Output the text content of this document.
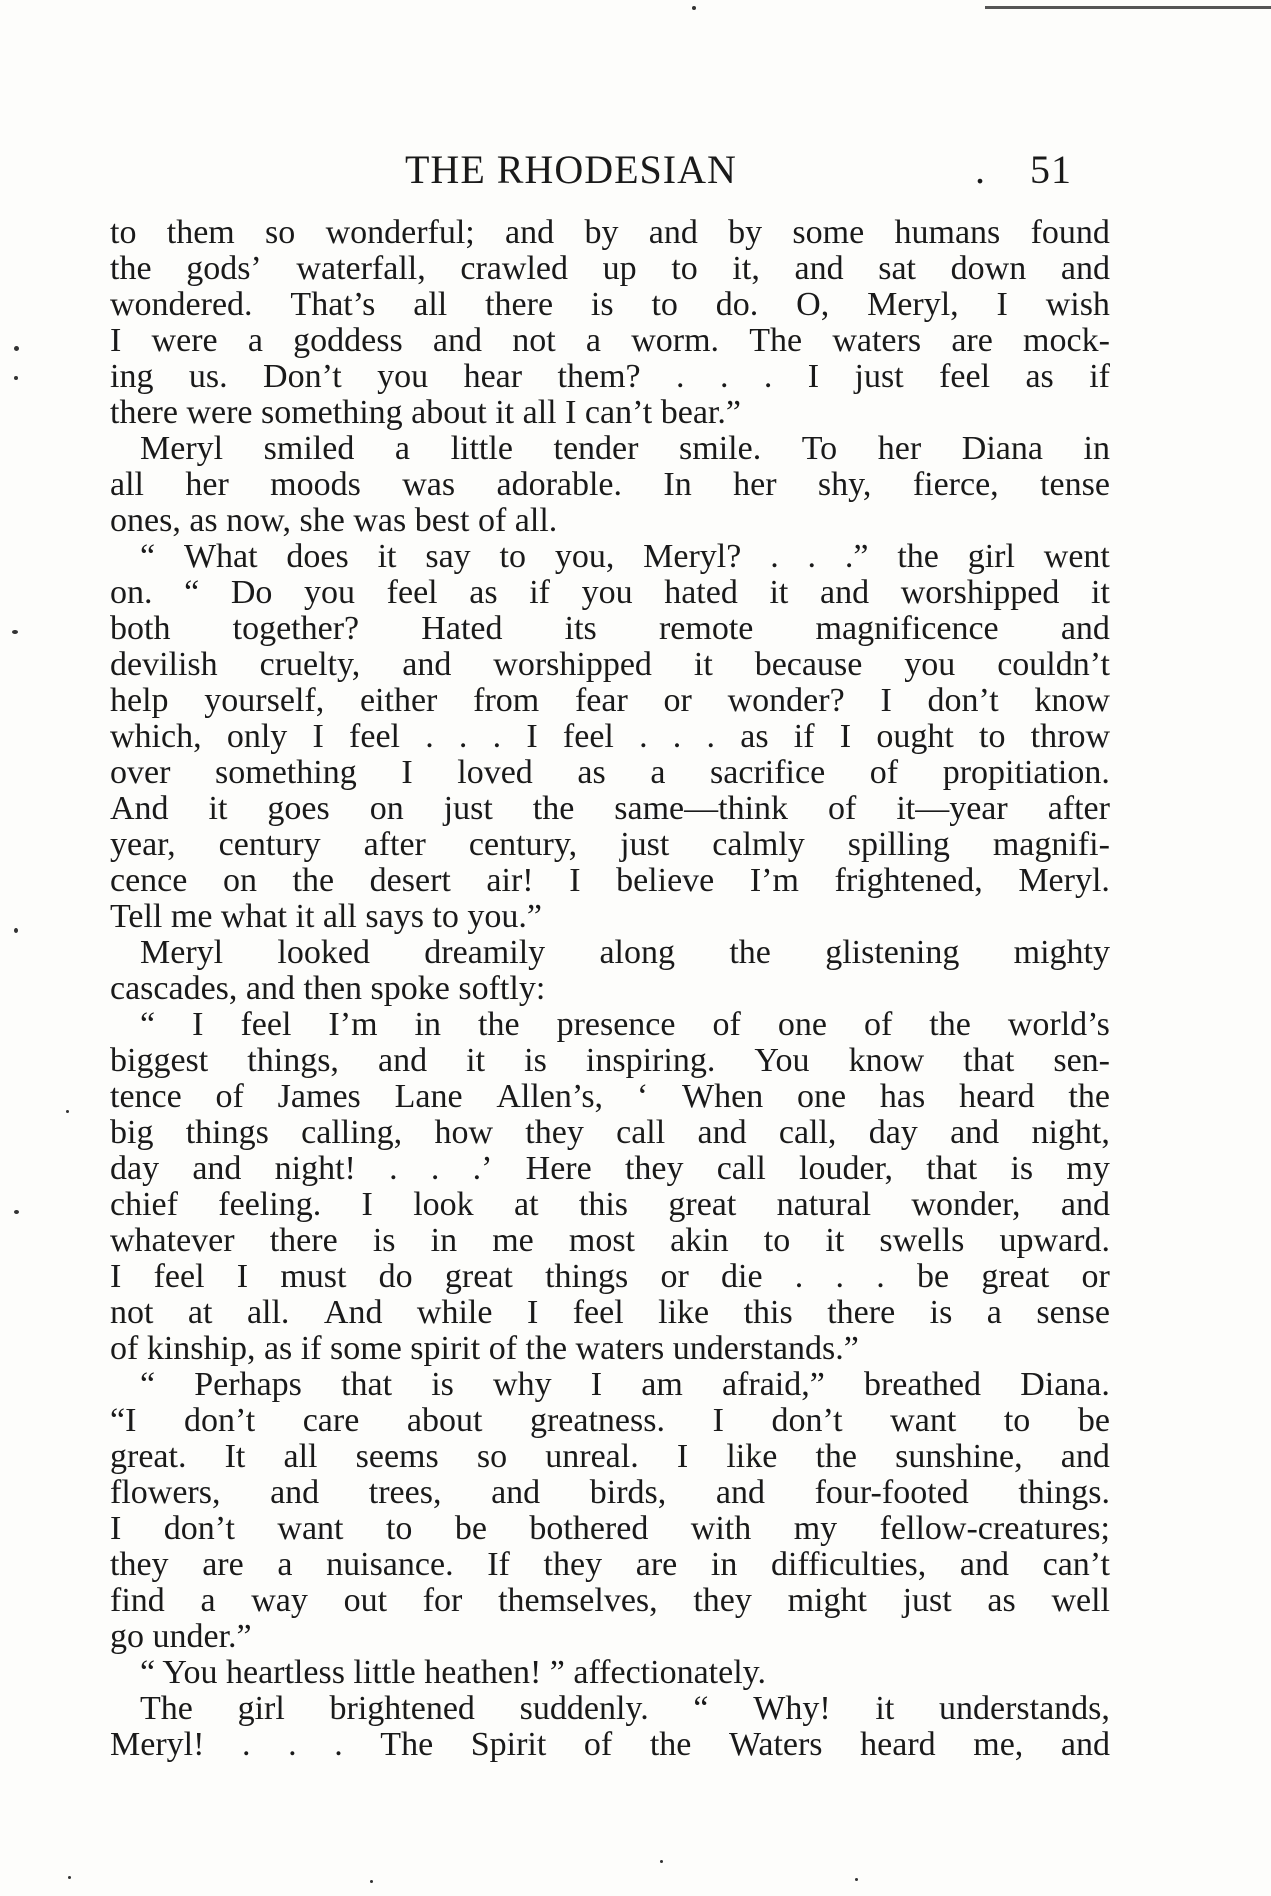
THE RHODESIAN	. 51
to them so wonderful; and by and by some humans found
the gods’ waterfall, crawled up to it, and sat down and
wondered. That’s all there is to do. O, Meryl, I wish
I were a goddess and not a worm. The waters are mock-
ing us. Don’t you hear them? . . . I just feel as if
there were something about it all I can’t bear.”
Meryl smiled a little tender smile. To her Diana in
all her moods was adorable. In her shy, fierce, tense
ones, as now, she was best of all.
“ What does it say to you, Meryl? . . .” the girl went
on. “ Do you feel as if you hated it and worshipped it
both together? Hated its remote magnificence and
devilish cruelty, and worshipped it because you couldn’t
help yourself, either from fear or wonder? I don’t know
which, only I feel . . . I feel . . . as if I ought to throw
over something I loved as a sacrifice of propitiation.
And it goes on just the same—think of it—year after
year, century after century, just calmly spilling magnifi-
cence on the desert air! I believe I’m frightened, Meryl.
Tell me what it all says to you.”
Meryl looked dreamily along the glistening mighty
cascades, and then spoke softly:
“ I feel I’m in the presence of one of the world’s
biggest things, and it is inspiring. You know that sen-
tence of James Lane Allen’s, ‘ When one has heard the
big things calling, how they call and call, day and night,
day and night! . . .’ Here they call louder, that is my
chief feeling. I look at this great natural wonder, and
whatever there is in me most akin to it swells upward.
I feel I must do great things or die . . . be great or
not at all. And while I feel like this there is a sense
of kinship, as if some spirit of the waters understands.”
“ Perhaps that is why I am afraid,” breathed Diana.
“I don’t care about greatness. I don’t want to be
great. It all seems so unreal. I like the sunshine, and
flowers, and trees, and birds, and four-footed things.
I don’t want to be bothered with my fellow-creatures;
they are a nuisance. If they are in difficulties, and can’t
find a way out for themselves, they might just as well
go under.”
“ You heartless little heathen! ” affectionately.
The girl brightened suddenly. “ Why! it understands,
Meryl! . . . The Spirit of the Waters heard me, and
